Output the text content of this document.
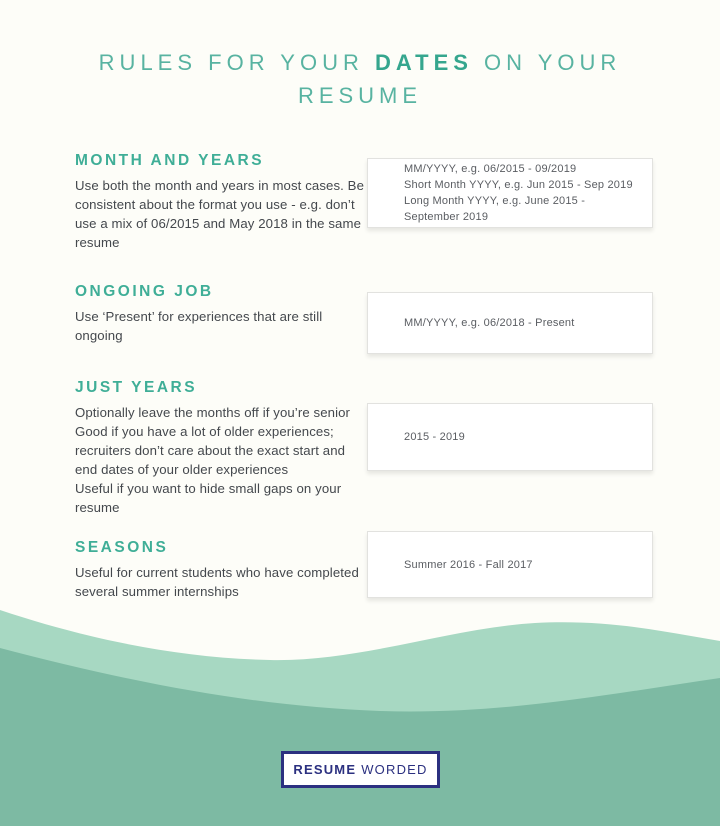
RULES FOR YOUR DATES ON YOUR
RESUME
MONTH AND YEARS

Use both the month and years in most cases. Be consistent about the format you use - e.g. don’t use a mix of 06/2015 and May 2018 in the same resume

MM/YYYY, e.g. 06/2015 - 09/2019
Short Month YYYY, e.g. Jun 2015 - Sep 2019
Long Month YYYY, e.g. June 2015 - September 2019
ONGOING JOB

Use ‘Present’ for experiences that are still ongoing

MM/YYYY, e.g. 06/2018 - Present
JUST YEARS

Optionally leave the months off if you’re senior

Good if you have a lot of older experiences; recruiters don’t care about the exact start and end dates of your older experiences

Useful if you want to hide small gaps on your resume

2015 - 2019
SEASONS

Useful for current students who have completed several summer internships

Summer 2016 - Fall 2017
RESUME WORDED
